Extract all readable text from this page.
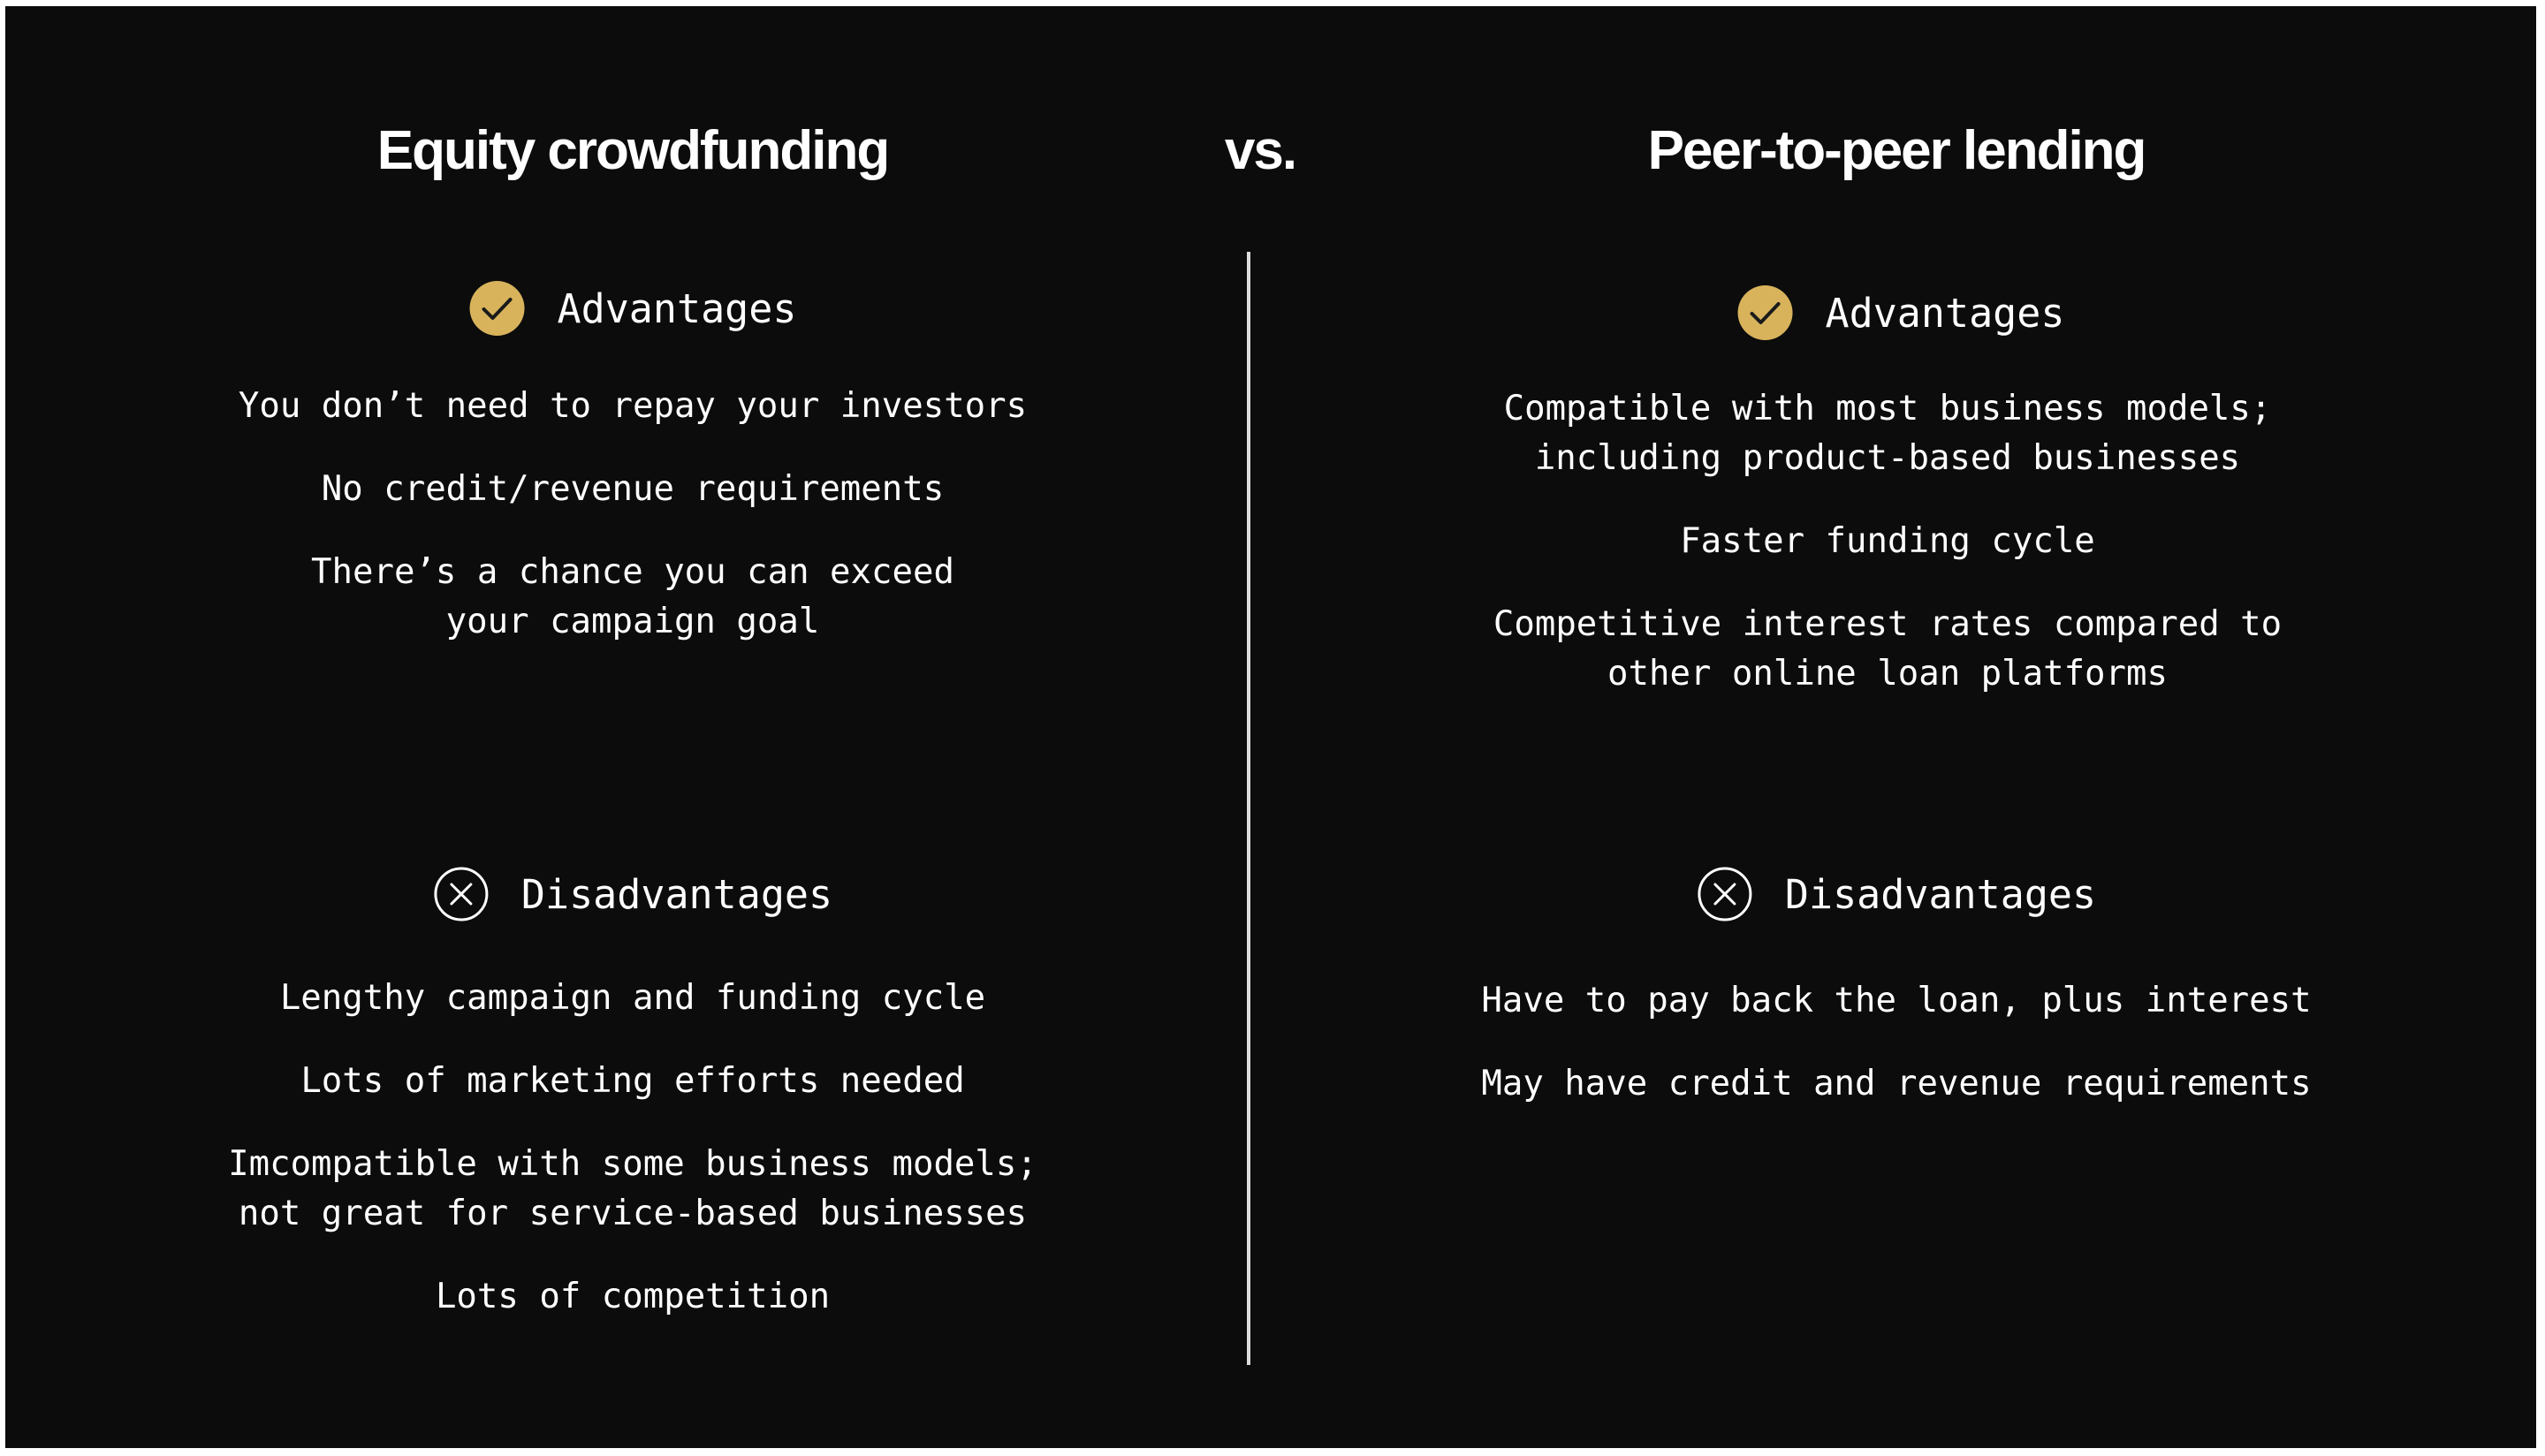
Equity crowdfunding	vs.	Peer-to-peer lending
Advantages
You don’t need to repay your investors
No credit/revenue requirements
There’s a chance you can exceed
your campaign goal
Disadvantages
Lengthy campaign and funding cycle
Lots of marketing efforts needed
Imcompatible with some business models;
not great for service-based businesses
Lots of competition
Advantages
Compatible with most business models;
including product-based businesses
Faster funding cycle
Competitive interest rates compared to
other online loan platforms
Disadvantages
Have to pay back the loan, plus interest
May have credit and revenue requirements
